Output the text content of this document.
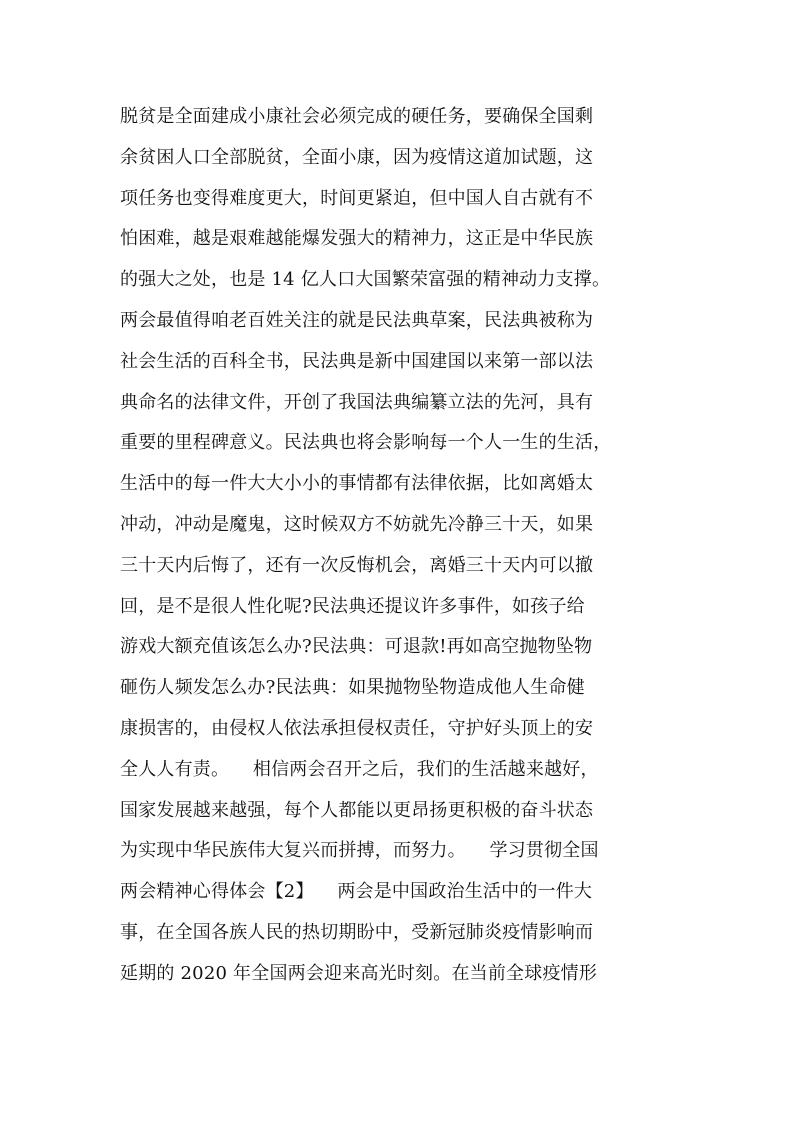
脱贫是全面建成小康社会必须完成的硬任务，要确保全国剩
余贫困人口全部脱贫，全面小康，因为疫情这道加试题，这
项任务也变得难度更大，时间更紧迫，但中国人自古就有不
怕困难，越是艰难越能爆发强大的精神力，这正是中华民族
的强大之处，也是 14 亿人口大国繁荣富强的精神动力支撑。
两会最值得咱老百姓关注的就是民法典草案，民法典被称为
社会生活的百科全书，民法典是新中国建国以来第一部以法
典命名的法律文件，开创了我国法典编纂立法的先河，具有
重要的里程碑意义。民法典也将会影响每一个人一生的生活，
生活中的每一件大大小小的事情都有法律依据，比如离婚太
冲动，冲动是魔鬼，这时候双方不妨就先冷静三十天，如果
三十天内后悔了，还有一次反悔机会，离婚三十天内可以撤
回，是不是很人性化呢?民法典还提议许多事件，如孩子给
游戏大额充值该怎么办?民法典：可退款!再如高空抛物坠物
砸伤人频发怎么办?民法典：如果抛物坠物造成他人生命健
康损害的，由侵权人依法承担侵权责任，守护好头顶上的安
全人人有责。    相信两会召开之后，我们的生活越来越好，
国家发展越来越强，每个人都能以更昂扬更积极的奋斗状态
为实现中华民族伟大复兴而拼搏，而努力。    学习贯彻全国
两会精神心得体会【2】    两会是中国政治生活中的一件大
事，在全国各族人民的热切期盼中，受新冠肺炎疫情影响而
延期的 2020 年全国两会迎来高光时刻。在当前全球疫情形
